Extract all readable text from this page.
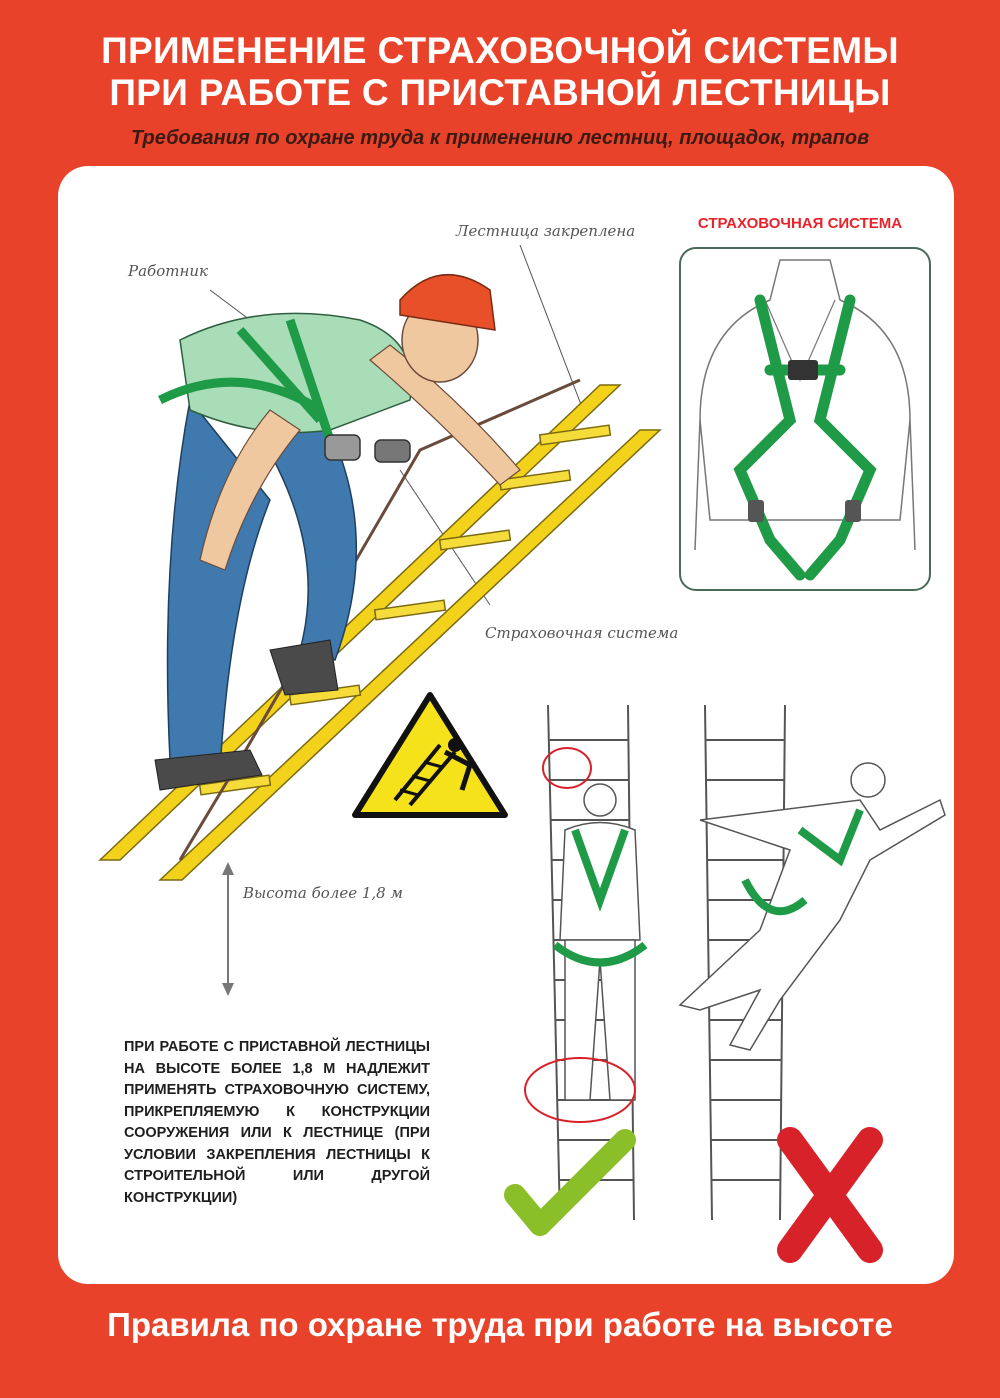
ПРИМЕНЕНИЕ СТРАХОВОЧНОЙ СИСТЕМЫ
ПРИ РАБОТЕ С ПРИСТАВНОЙ ЛЕСТНИЦЫ
Требования по охране труда к применению лестниц, площадок, трапов
Работник
Лестница закреплена
Страховочная система
Высота более 1,8 м
СТРАХОВОЧНАЯ СИСТЕМА
ПРИ РАБОТЕ С ПРИСТАВНОЙ ЛЕСТНИЦЫ НА ВЫСОТЕ БОЛЕЕ 1,8 М НАДЛЕЖИТ ПРИМЕНЯТЬ СТРАХОВОЧНУЮ СИСТЕМУ, ПРИКРЕПЛЯЕМУЮ К КОНСТРУКЦИИ СООРУЖЕНИЯ ИЛИ К ЛЕСТНИЦЕ (ПРИ УСЛОВИИ ЗАКРЕПЛЕНИЯ ЛЕСТНИЦЫ К СТРОИТЕЛЬНОЙ ИЛИ ДРУГОЙ КОНСТРУКЦИИ)
Правила по охране труда при работе на высоте
